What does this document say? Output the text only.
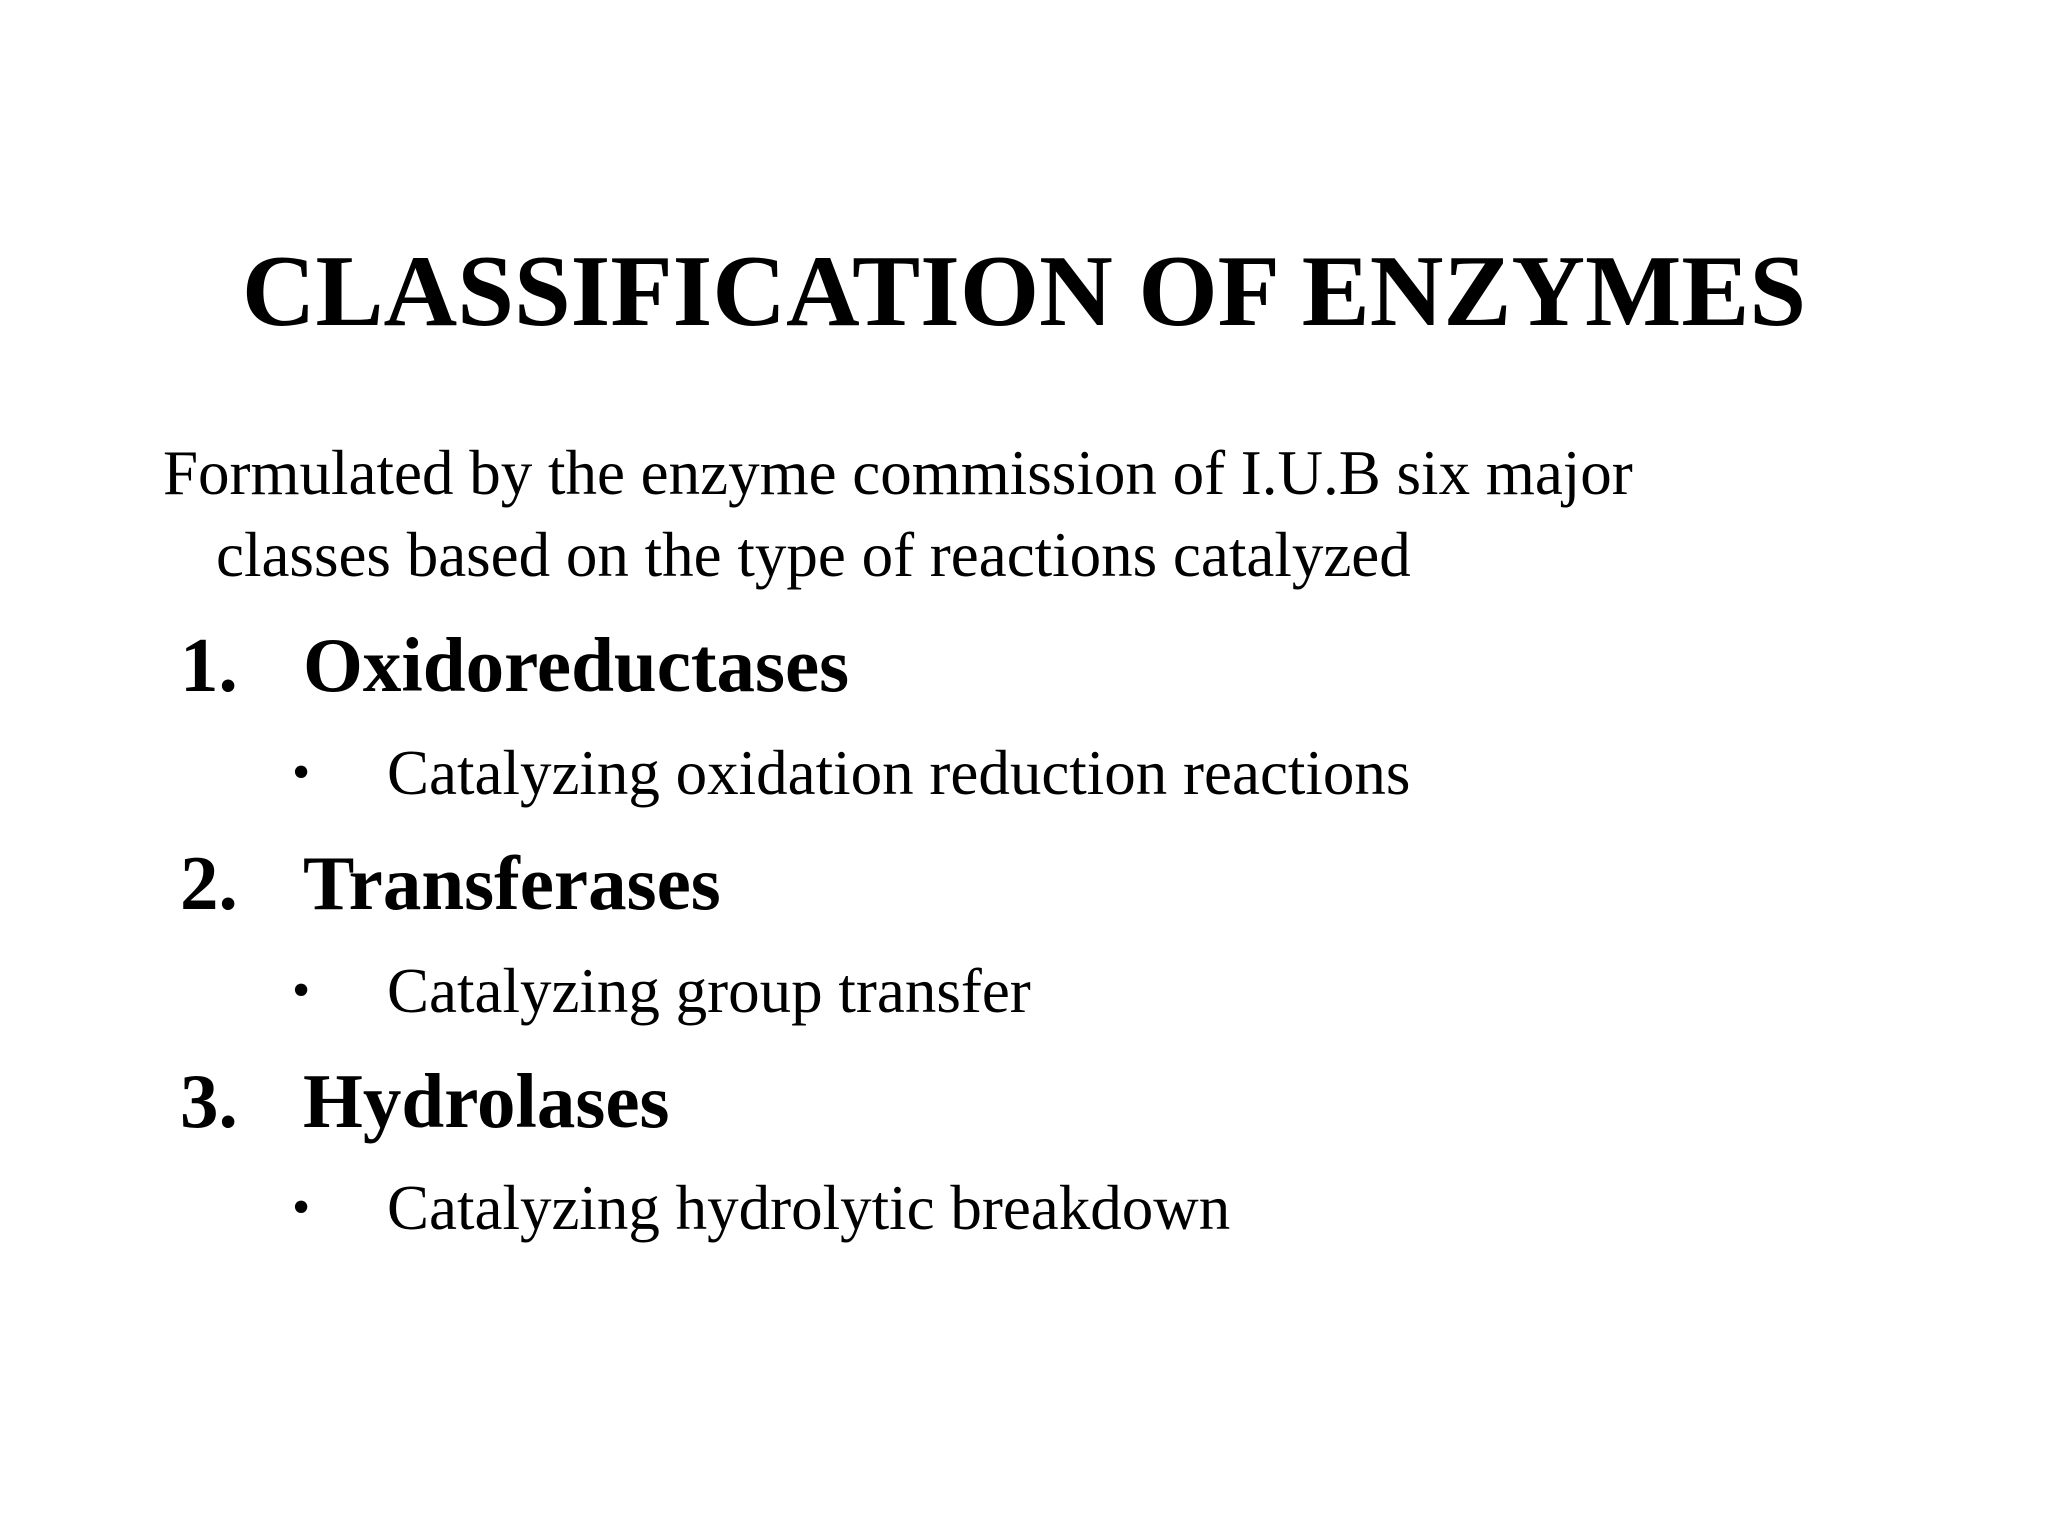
CLASSIFICATION OF ENZYMES
Formulated by the enzyme commission of I.U.B six major
classes based on the type of reactions catalyzed
1. Oxidoreductases
• Catalyzing oxidation reduction reactions
2. Transferases
• Catalyzing group transfer
3. Hydrolases
• Catalyzing hydrolytic breakdown
